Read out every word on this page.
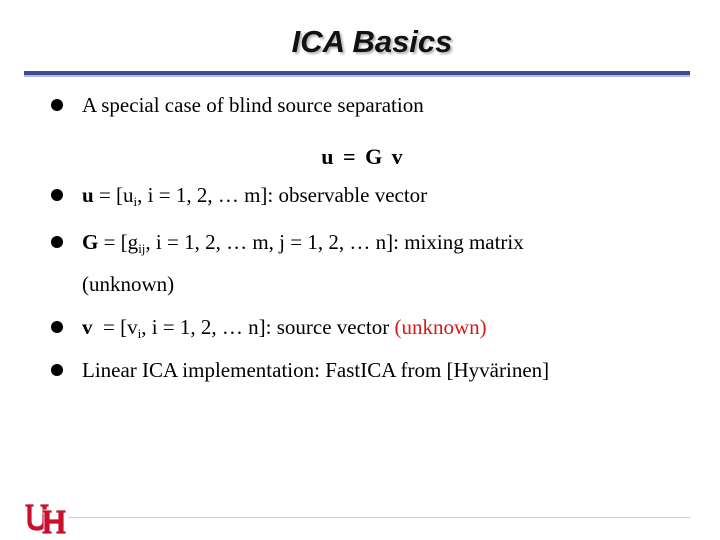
ICA Basics
A special case of blind source separation
u = G v
$u = [u_i$, i = 1, 2, … m]: observable vector
$G = [g_{ij}$, i = 1, 2, … m, j = 1, 2, … n]: mixing matrix
(unknown)
$v = [v_i$, i = 1, 2, … n]: source vector (unknown)
Linear ICA implementation: FastICA from [Hyvärinen]
